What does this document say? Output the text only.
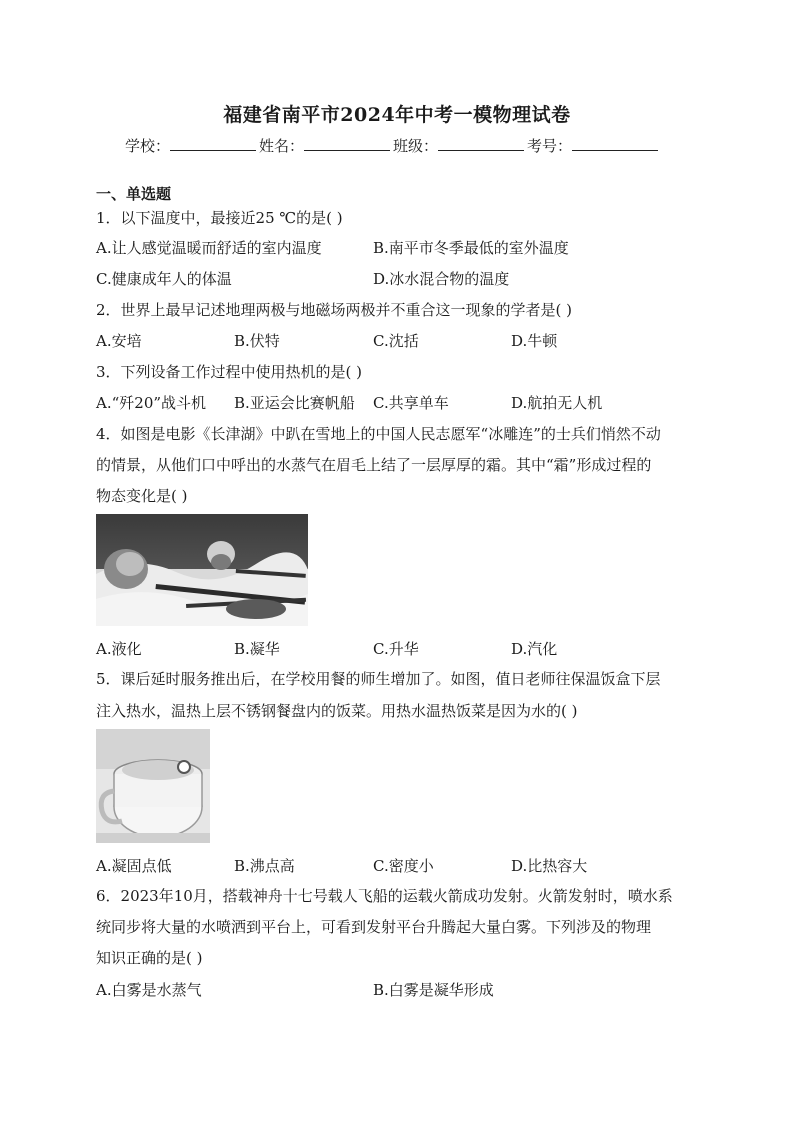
福建省南平市2024年中考一模物理试卷
学校：	姓名：	班级：	考号：
一、单选题
1．以下温度中，最接近25 ℃的是( )
A.让人感觉温暖而舒适的室内温度	B.南平市冬季最低的室外温度
C.健康成年人的体温	D.冰水混合物的温度
2．世界上最早记述地理两极与地磁场两极并不重合这一现象的学者是( )
A.安培	B.伏特	C.沈括	D.牛顿
3．下列设备工作过程中使用热机的是( )
A.“歼20”战斗机 B.亚运会比赛帆船 C.共享单车	D.航拍无人机
4．如图是电影《长津湖》中趴在雪地上的中国人民志愿军“冰雕连”的士兵们悄然不动
的情景，从他们口中呼出的水蒸气在眉毛上结了一层厚厚的霜。其中“霜”形成过程的
物态变化是( )
A.液化	B.凝华	C.升华	D.汽化
5．课后延时服务推出后，在学校用餐的师生增加了。如图，值日老师往保温饭盒下层
注入热水，温热上层不锈钢餐盘内的饭菜。用热水温热饭菜是因为水的( )
A.凝固点低	B.沸点高	C.密度小	D.比热容大
6．2023年10月，搭载神舟十七号载人飞船的运载火箭成功发射。火箭发射时，喷水系
统同步将大量的水喷洒到平台上，可看到发射平台升腾起大量白雾。下列涉及的物理
知识正确的是( )
A.白雾是水蒸气	B.白雾是凝华形成
